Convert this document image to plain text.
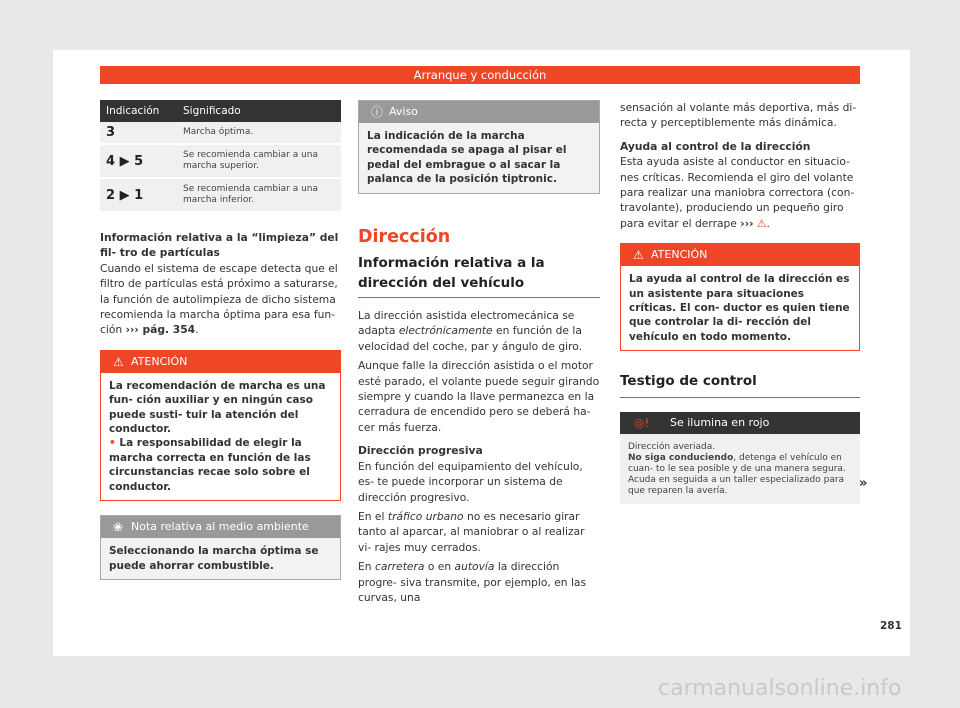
Arranque y conducción
Indicación	Significado
3	Marcha óptima.
4 ▶ 5	Se recomienda cambiar a una marcha superior.
2 ▶ 1	Se recomienda cambiar a una marcha inferior.

Información relativa a la “limpieza” del fil- tro de partículas

Cuando el sistema de escape detecta que el filtro de partículas está próximo a saturarse, la función de autolimpieza de dicho sistema recomienda la marcha óptima para esa fun- ción ››› pág. 354.

⚠ ATENCIÓN
La recomendación de marcha es una fun- ción auxiliar y en ningún caso puede susti- tuir la atención del conductor.
• La responsabilidad de elegir la marcha correcta en función de las circunstancias recae solo sobre el conductor.
❀ Nota relativa al medio ambiente
Seleccionando la marcha óptima se puede ahorrar combustible.
ⓘ Aviso
La indicación de la marcha recomendada se apaga al pisar el pedal del embrague o al sacar la palanca de la posición tiptronic.

Dirección

Información relativa a la dirección del vehículo

La dirección asistida electromecánica se adapta electrónicamente en función de la velocidad del coche, par y ángulo de giro.

Aunque falle la dirección asistida o el motor esté parado, el volante puede seguir girando siempre y cuando la llave permanezca en la cerradura de encendido pero se deberá ha- cer más fuerza.

Dirección progresiva

En función del equipamiento del vehículo, es- te puede incorporar un sistema de dirección progresivo.

En el tráfico urbano no es necesario girar tanto al aparcar, al maniobrar o al realizar vi- rajes muy cerrados.

En carretera o en autovía la dirección progre- siva transmite, por ejemplo, en las curvas, una

sensación al volante más deportiva, más di- recta y perceptiblemente más dinámica.

Ayuda al control de la dirección

Esta ayuda asiste al conductor en situacio- nes críticas. Recomienda el giro del volante para realizar una maniobra correctora (con- travolante), produciendo un pequeño giro para evitar el derrape ››› ⚠.

⚠ ATENCIÓN
La ayuda al control de la dirección es un asistente para situaciones críticas. El con- ductor es quien tiene que controlar la di- rección del vehículo en todo momento.

Testigo de control

◎! Se ilumina en rojo
Dirección averiada.
No siga conduciendo, detenga el vehículo en cuan- to le sea posible y de una manera segura.
Acuda en seguida a un taller especializado para que reparen la avería.
»
281
carmanualsonline.info
